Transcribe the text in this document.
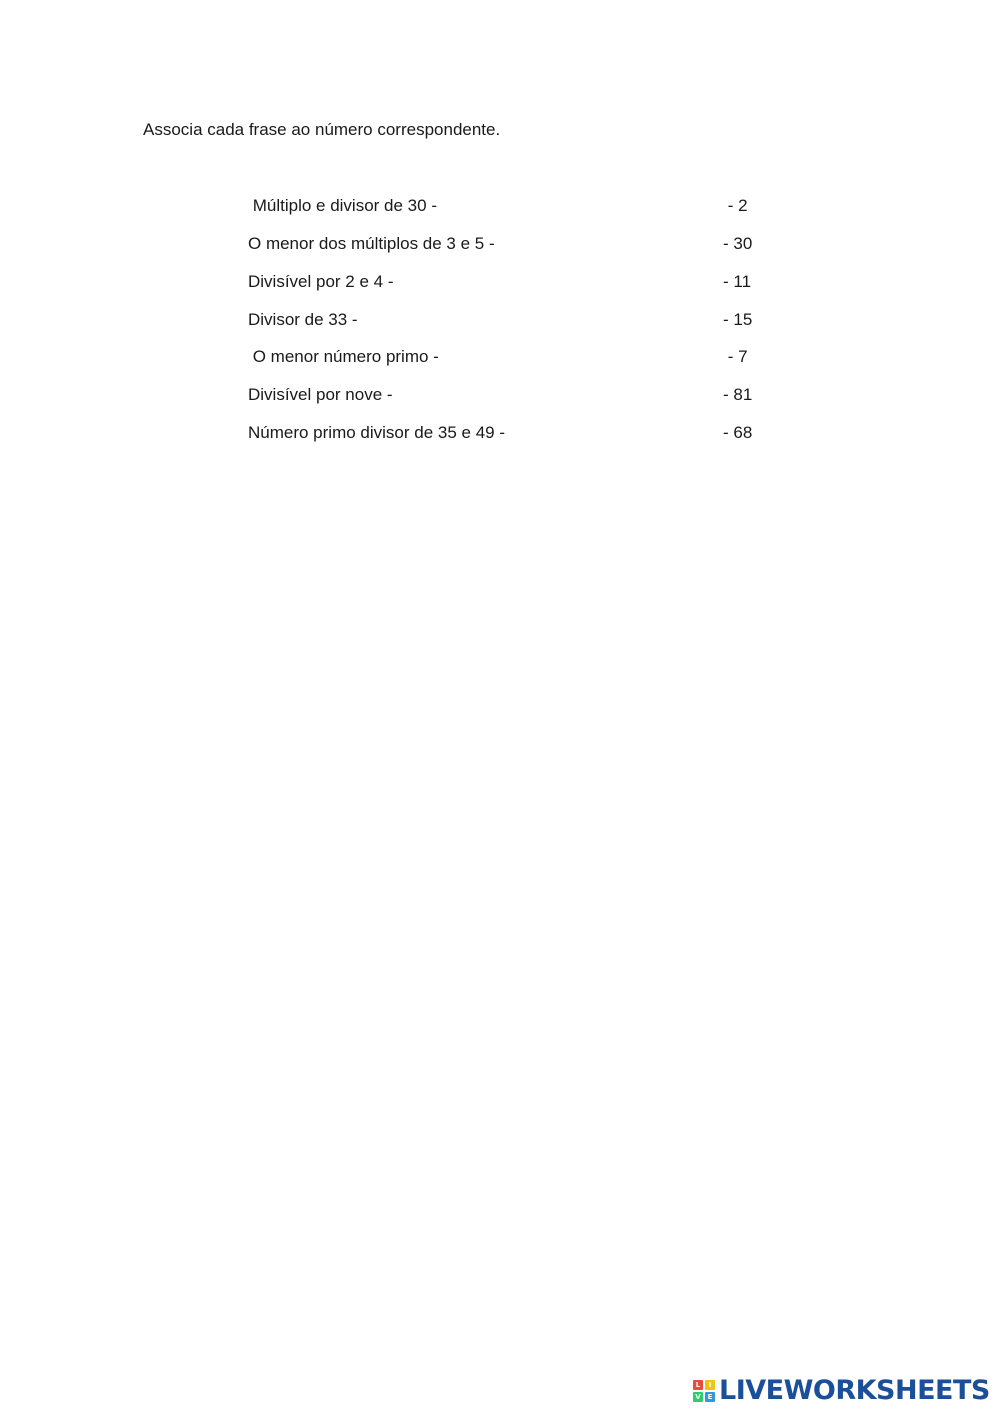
Associa cada frase ao número correspondente.
Múltiplo e divisor de 30 -	- 2
O menor dos múltiplos de 3 e 5 -	- 30
Divisível por 2 e 4 -	- 11
Divisor de 33 -	- 15
O menor número primo -	- 7
Divisível por nove -	- 81
Número primo divisor de 35 e 49 -	- 68
L	I
V E LIVEWORKSHEETS
